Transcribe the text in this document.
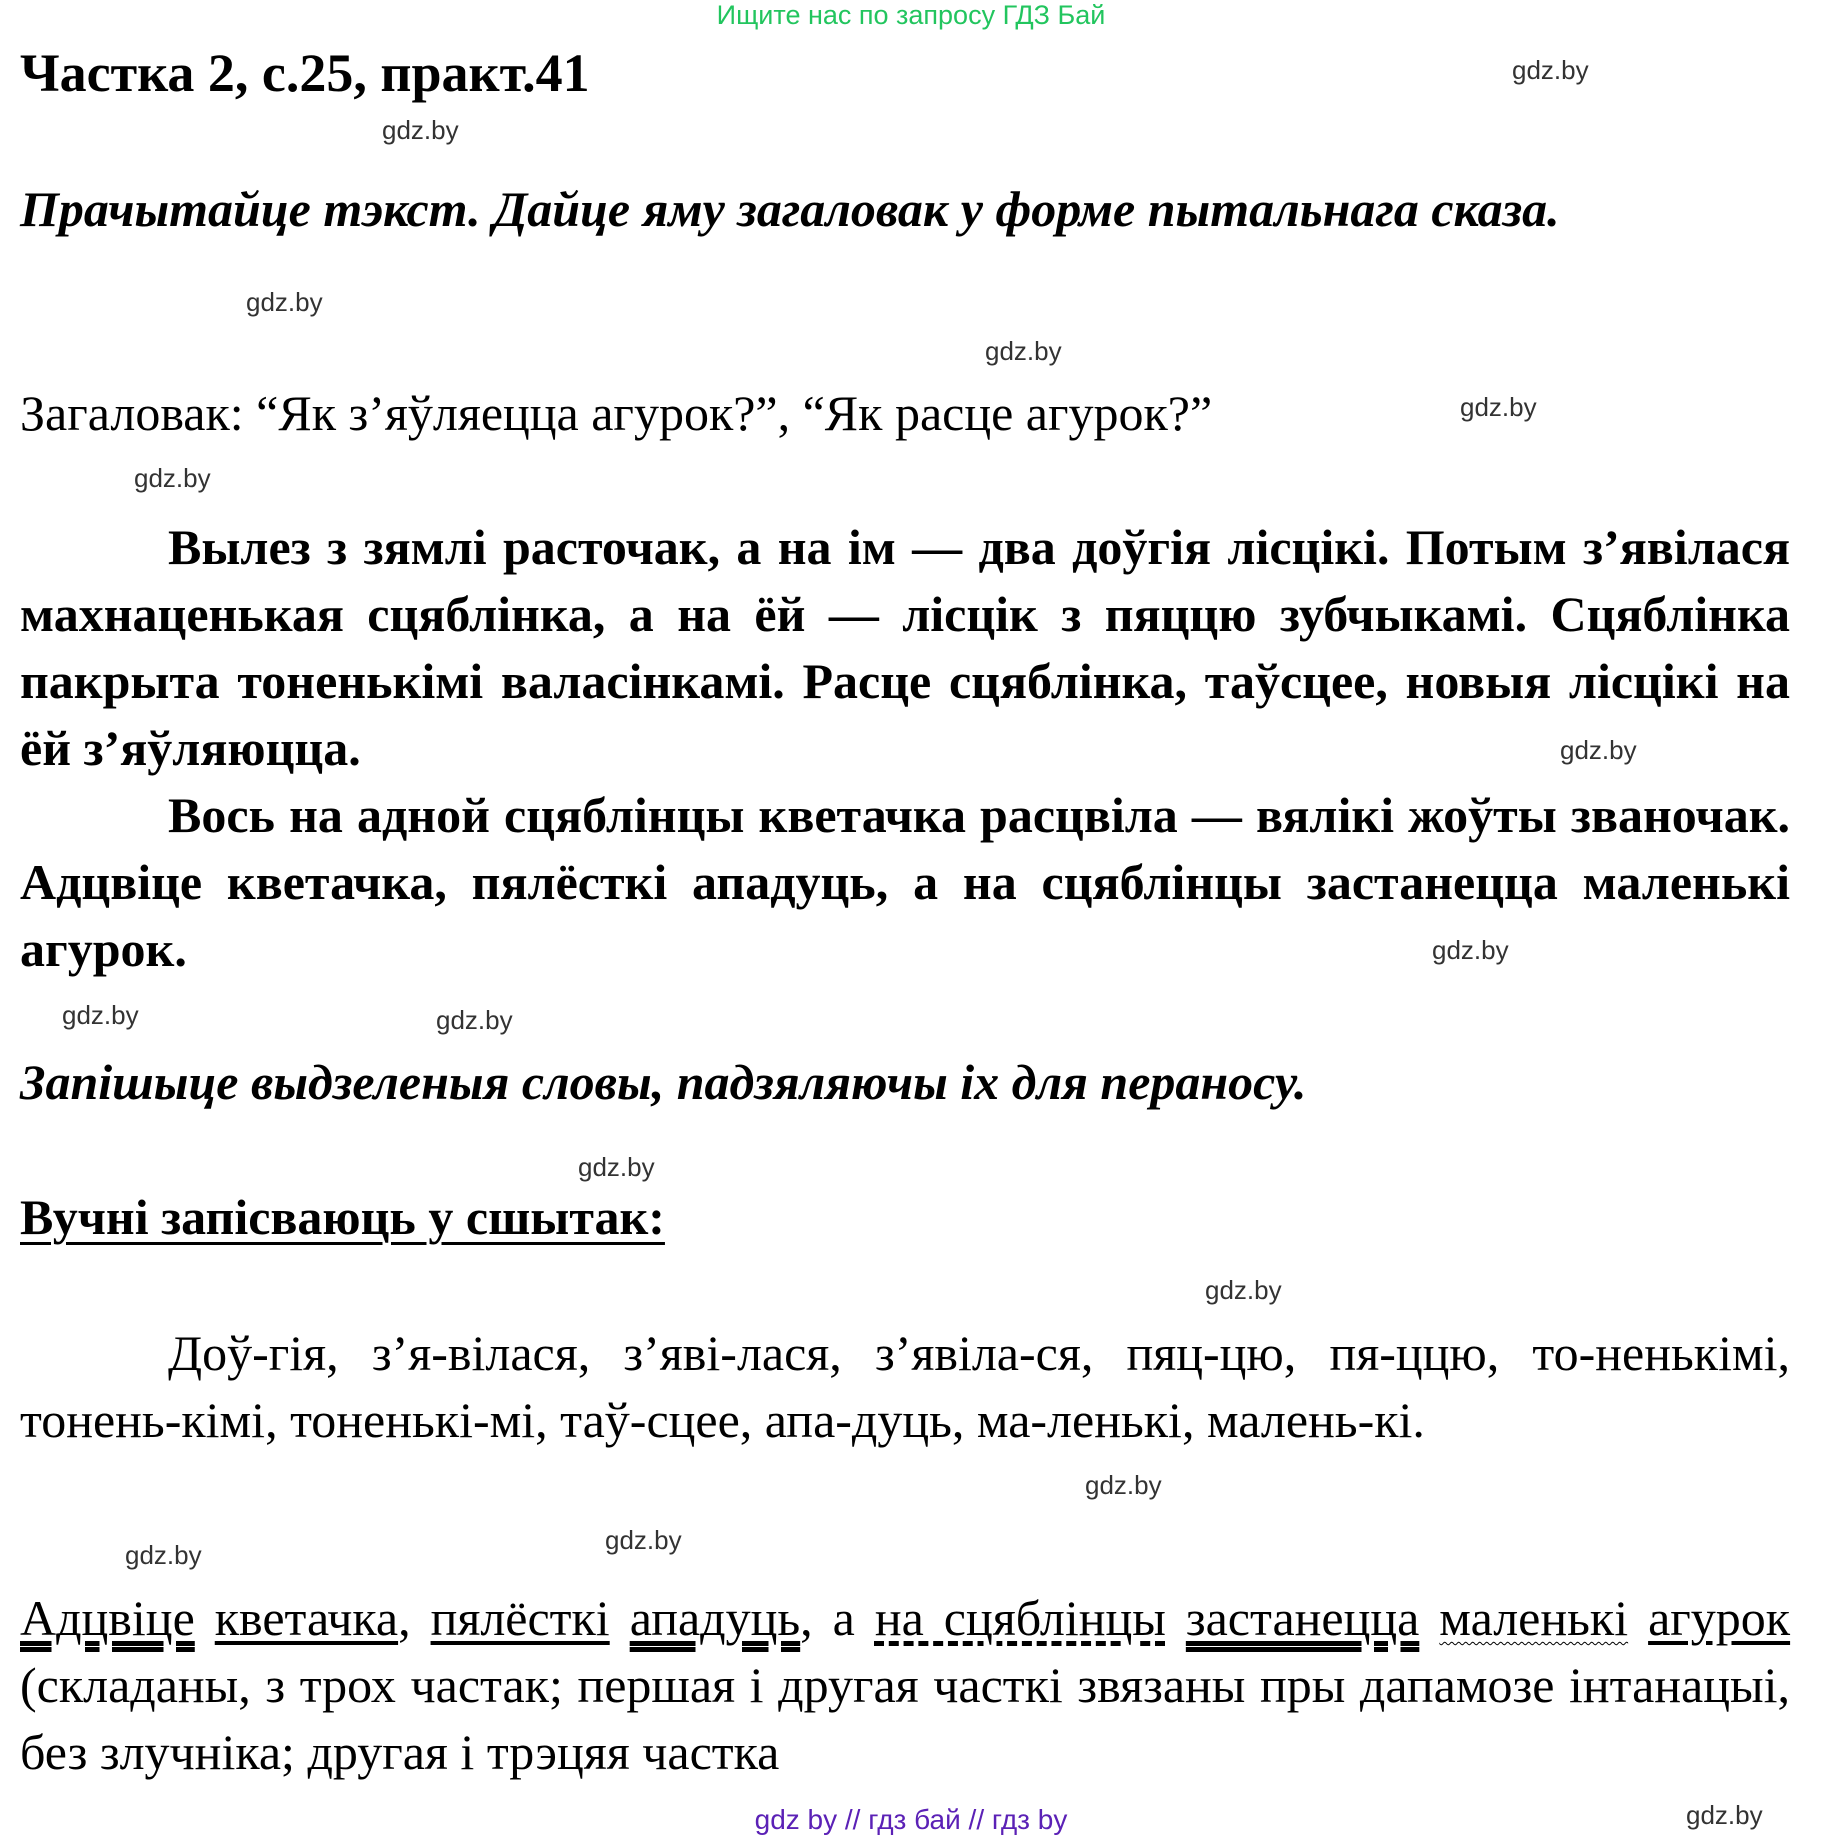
Ищите нас по запросу ГДЗ Бай
Частка 2, с.25, практ.41

Прачытайце тэкст. Дайце яму загаловак у форме пытальнага сказа.

Загаловак: “Як з’яўляецца агурок?”, “Як расце агурок?”

Вылез з зямлі расточак, а на ім — два доўгія лісцікі. Потым з’явілася махнаценькая сцяблінка, а на ёй — лісцік з пяццю зубчыкамі. Сцяблінка пакрыта тоненькімі валасінкамі. Расце сцяблінка, таўсцее, новыя лісцікі на ёй з’яўляюцца.

Вось на адной сцяблінцы кветачка расцвіла — вялікі жоўты званочак. Адцвіце кветачка, пялёсткі ападуць, а на сцяблінцы застанецца маленькі агурок.

Запішыце выдзеленыя словы, падзяляючы іх для пераносу.

Вучні запісваюць у сшытак:

Доў-гія, з’я-вілася, з’яві-лася, з’явіла-ся, пяц-цю, пя-ццю, то-ненькімі, тонень-кімі, тоненькі-мі, таў-сцее, апа-дуць, ма-ленькі, малень-кі.

Адцвіце кветачка, пялёсткі ападуць, а на сцяблінцы застанецца маленькі агурок (складаны, з трох частак; першая і другая часткі звязаны пры дапамозе інтанацыі, без злучніка; другая і трэцяя частка

gdz.by
gdz.by
gdz.by
gdz.by
gdz.by
gdz.by
gdz.by
gdz.by
gdz.by
gdz.by
gdz.by
gdz.by
gdz.by
gdz.by
gdz.by
gdz.by
gdz by // гдз бай // гдз by
